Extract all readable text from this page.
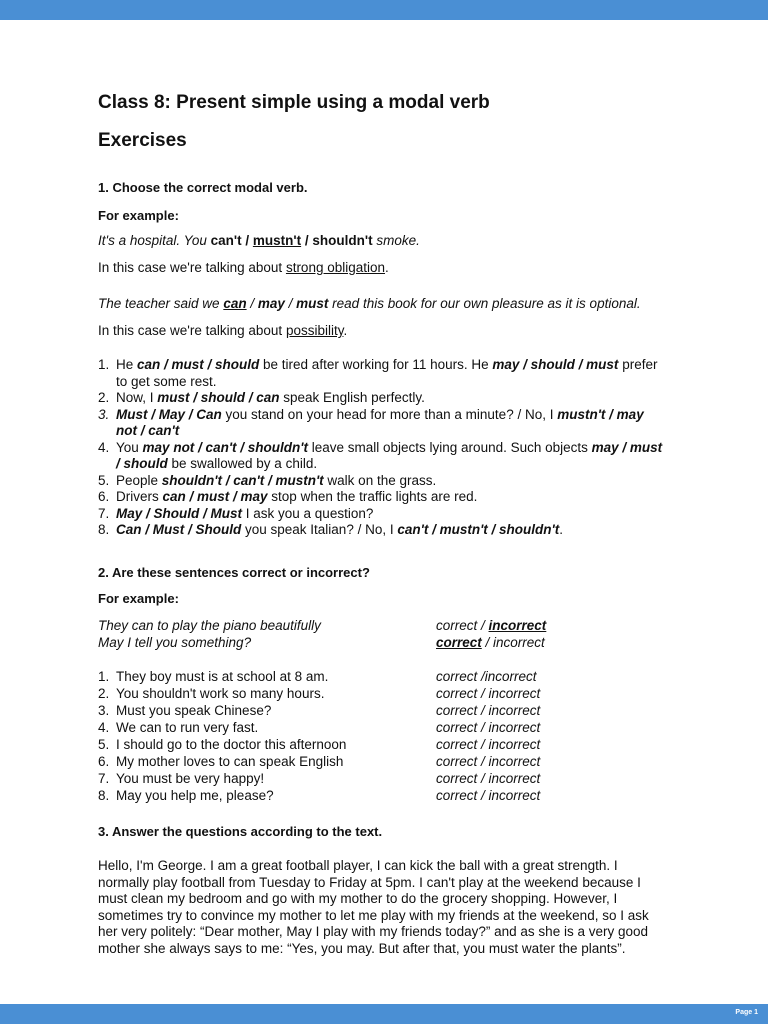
Class 8: Present simple using a modal verb
Exercises
1. Choose the correct modal verb.
For example:
It's a hospital. You can't / mustn't / shouldn't smoke.
In this case we're talking about strong obligation.
The teacher said we can / may / must read this book for our own pleasure as it is optional.
In this case we're talking about possibility.
1. He can / must / should be tired after working for 11 hours. He may / should / must prefer to get some rest.
2. Now, I must / should / can speak English perfectly.
3. Must / May / Can you stand on your head for more than a minute? / No, I mustn't / may not / can't
4. You may not / can't / shouldn't leave small objects lying around. Such objects may / must / should be swallowed by a child.
5. People shouldn't / can't / mustn't walk on the grass.
6. Drivers can / must / may stop when the traffic lights are red.
7. May / Should / Must I ask you a question?
8. Can / Must / Should you speak Italian? / No, I can't / mustn't / shouldn't.
2. Are these sentences correct or incorrect?
For example:
They can to play the piano beautifully	correct / incorrect
May I tell you something?	correct / incorrect
1. They boy must is at school at 8 am.	correct /incorrect
2. You shouldn't work so many hours.	correct / incorrect
3. Must you speak Chinese?	correct / incorrect
4. We can to run very fast.	correct / incorrect
5. I should go to the doctor this afternoon	correct / incorrect
6. My mother loves to can speak English	correct / incorrect
7. You must be very happy!	correct / incorrect
8. May you help me, please?	correct / incorrect
3. Answer the questions according to the text.
Hello, I'm George. I am a great football player, I can kick the ball with a great strength. I normally play football from Tuesday to Friday at 5pm. I can't play at the weekend because I must clean my bedroom and go with my mother to do the grocery shopping. However, I sometimes try to convince my mother to let me play with my friends at the weekend, so I ask her very politely: “Dear mother, May I play with my friends today?” and as she is a very good mother she always says to me: “Yes, you may. But after that, you must water the plants”.
Page 1
